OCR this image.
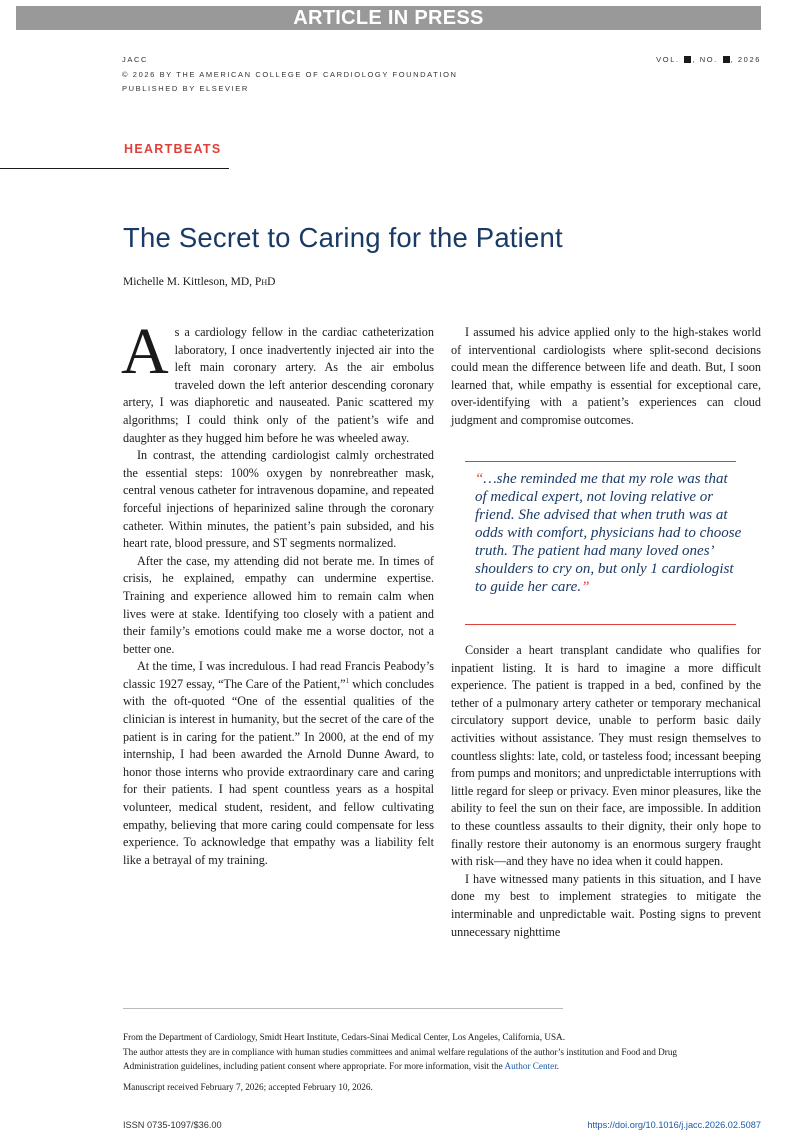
ARTICLE IN PRESS
JACC
© 2026 BY THE AMERICAN COLLEGE OF CARDIOLOGY FOUNDATION
PUBLISHED BY ELSEVIER
VOL. , NO. , 2026
HEARTBEATS
The Secret to Caring for the Patient
Michelle M. Kittleson, MD, PhD

As a cardiology fellow in the cardiac catheterization laboratory, I once inadvertently injected air into the left main coronary artery. As the air embolus traveled down the left anterior descending coronary artery, I was diaphoretic and nauseated. Panic scattered my algorithms; I could think only of the patient’s wife and daughter as they hugged him before he was wheeled away.

In contrast, the attending cardiologist calmly orchestrated the essential steps: 100% oxygen by nonrebreather mask, central venous catheter for intravenous dopamine, and repeated forceful injections of heparinized saline through the coronary catheter. Within minutes, the patient’s pain subsided, and his heart rate, blood pressure, and ST segments normalized.

After the case, my attending did not berate me. In times of crisis, he explained, empathy can undermine expertise. Training and experience allowed him to remain calm when lives were at stake. Identifying too closely with a patient and their family’s emotions could make me a worse doctor, not a better one.

At the time, I was incredulous. I had read Francis Peabody’s classic 1927 essay, “The Care of the Patient,”$^1$ which concludes with the oft-quoted “One of the essential qualities of the clinician is interest in humanity, but the secret of the care of the patient is in caring for the patient.” In 2000, at the end of my internship, I had been awarded the Arnold Dunne Award, to honor those interns who provide extraordinary care and caring for their patients. I had spent countless years as a hospital volunteer, medical student, resident, and fellow cultivating empathy, believing that more caring could compensate for less experience. To acknowledge that empathy was a liability felt like a betrayal of my training.

I assumed his advice applied only to the high-stakes world of interventional cardiologists where split-second decisions could mean the difference between life and death. But, I soon learned that, while empathy is essential for exceptional care, over-identifying with a patient’s experiences can cloud judgment and compromise outcomes.

“…she reminded me that my role was that of medical expert, not loving relative or friend. She advised that when truth was at odds with comfort, physicians had to choose truth. The patient had many loved ones’ shoulders to cry on, but only 1 cardiologist to guide her care.”

Consider a heart transplant candidate who qualifies for inpatient listing. It is hard to imagine a more difficult experience. The patient is trapped in a bed, confined by the tether of a pulmonary artery catheter or temporary mechanical circulatory support device, unable to perform basic daily activities without assistance. They must resign themselves to countless slights: late, cold, or tasteless food; incessant beeping from pumps and monitors; and unpredictable interruptions with little regard for sleep or privacy. Even minor pleasures, like the ability to feel the sun on their face, are impossible. In addition to these countless assaults to their dignity, their only hope to finally restore their autonomy is an enormous surgery fraught with risk—and they have no idea when it could happen.

I have witnessed many patients in this situation, and I have done my best to implement strategies to mitigate the interminable and unpredictable wait. Posting signs to prevent unnecessary nighttime

From the Department of Cardiology, Smidt Heart Institute, Cedars-Sinai Medical Center, Los Angeles, California, USA.
The author attests they are in compliance with human studies committees and animal welfare regulations of the author’s institution and Food and Drug Administration guidelines, including patient consent where appropriate. For more information, visit the Author Center.
Manuscript received February 7, 2026; accepted February 10, 2026.
ISSN 0735-1097/$36.00	https://doi.org/10.1016/j.jacc.2026.02.5087
